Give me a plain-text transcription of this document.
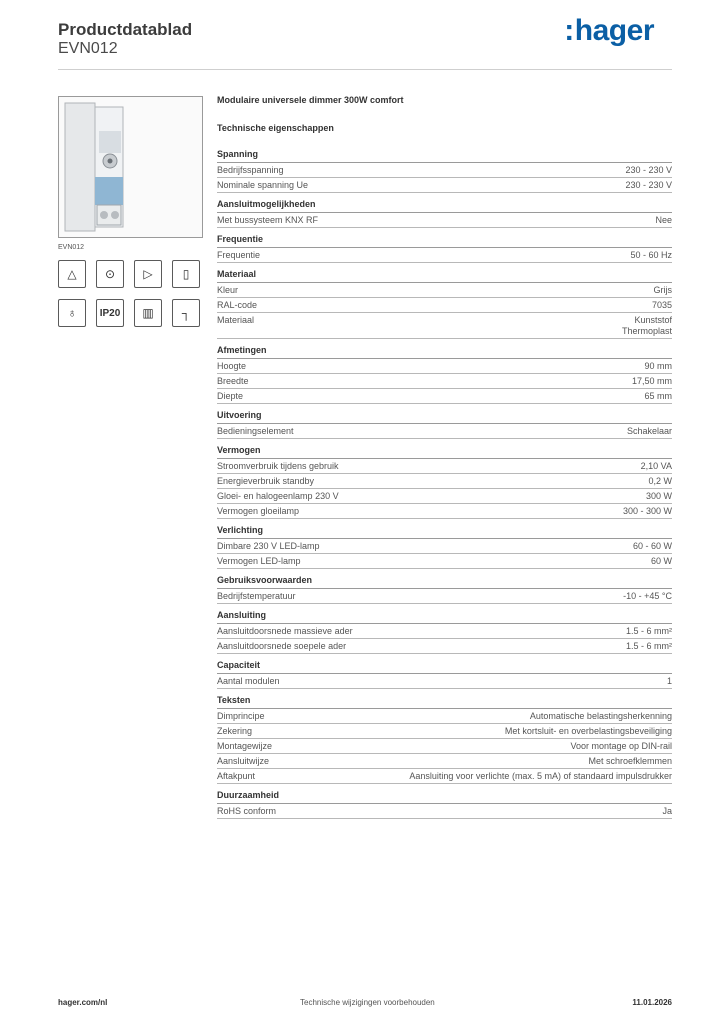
Productdatablad
EVN012
:hager
EVN012
△	⊙	▷	▯
♁	IP20	▥	┐
Modulaire universele dimmer 300W comfort
Technische eigenschappen
Spanning
Bedrijfsspanning	230 - 230 V
Nominale spanning Ue	230 - 230 V
Aansluitmogelijkheden
Met bussysteem KNX RF	Nee
Frequentie
Frequentie	50 - 60 Hz
Materiaal
Kleur	Grijs
RAL-code	7035
Materiaal	Kunststof
Thermoplast
Afmetingen
Hoogte	90 mm
Breedte	17,50 mm
Diepte	65 mm
Uitvoering
Bedieningselement	Schakelaar
Vermogen
Stroomverbruik tijdens gebruik	2,10 VA
Energieverbruik standby	0,2 W
Gloei- en halogeenlamp 230 V	300 W
Vermogen gloeilamp	300 - 300 W
Verlichting
Dimbare 230 V LED-lamp	60 - 60 W
Vermogen LED-lamp	60 W
Gebruiksvoorwaarden
Bedrijfstemperatuur	-10 - +45 °C
Aansluiting
Aansluitdoorsnede massieve ader	1.5 - 6 mm²
Aansluitdoorsnede soepele ader	1.5 - 6 mm²
Capaciteit
Aantal modulen	1
Teksten
Dimprincipe	Automatische belastingsherkenning
Zekering	Met kortsluit- en overbelastingsbeveiliging
Montagewijze	Voor montage op DIN-rail
Aansluitwijze	Met schroefklemmen
Aftakpunt	Aansluiting voor verlichte (max. 5 mA) of standaard impulsdrukker
Duurzaamheid
RoHS conform	Ja
hager.com/nl	Technische wijzigingen voorbehouden	11.01.2026
